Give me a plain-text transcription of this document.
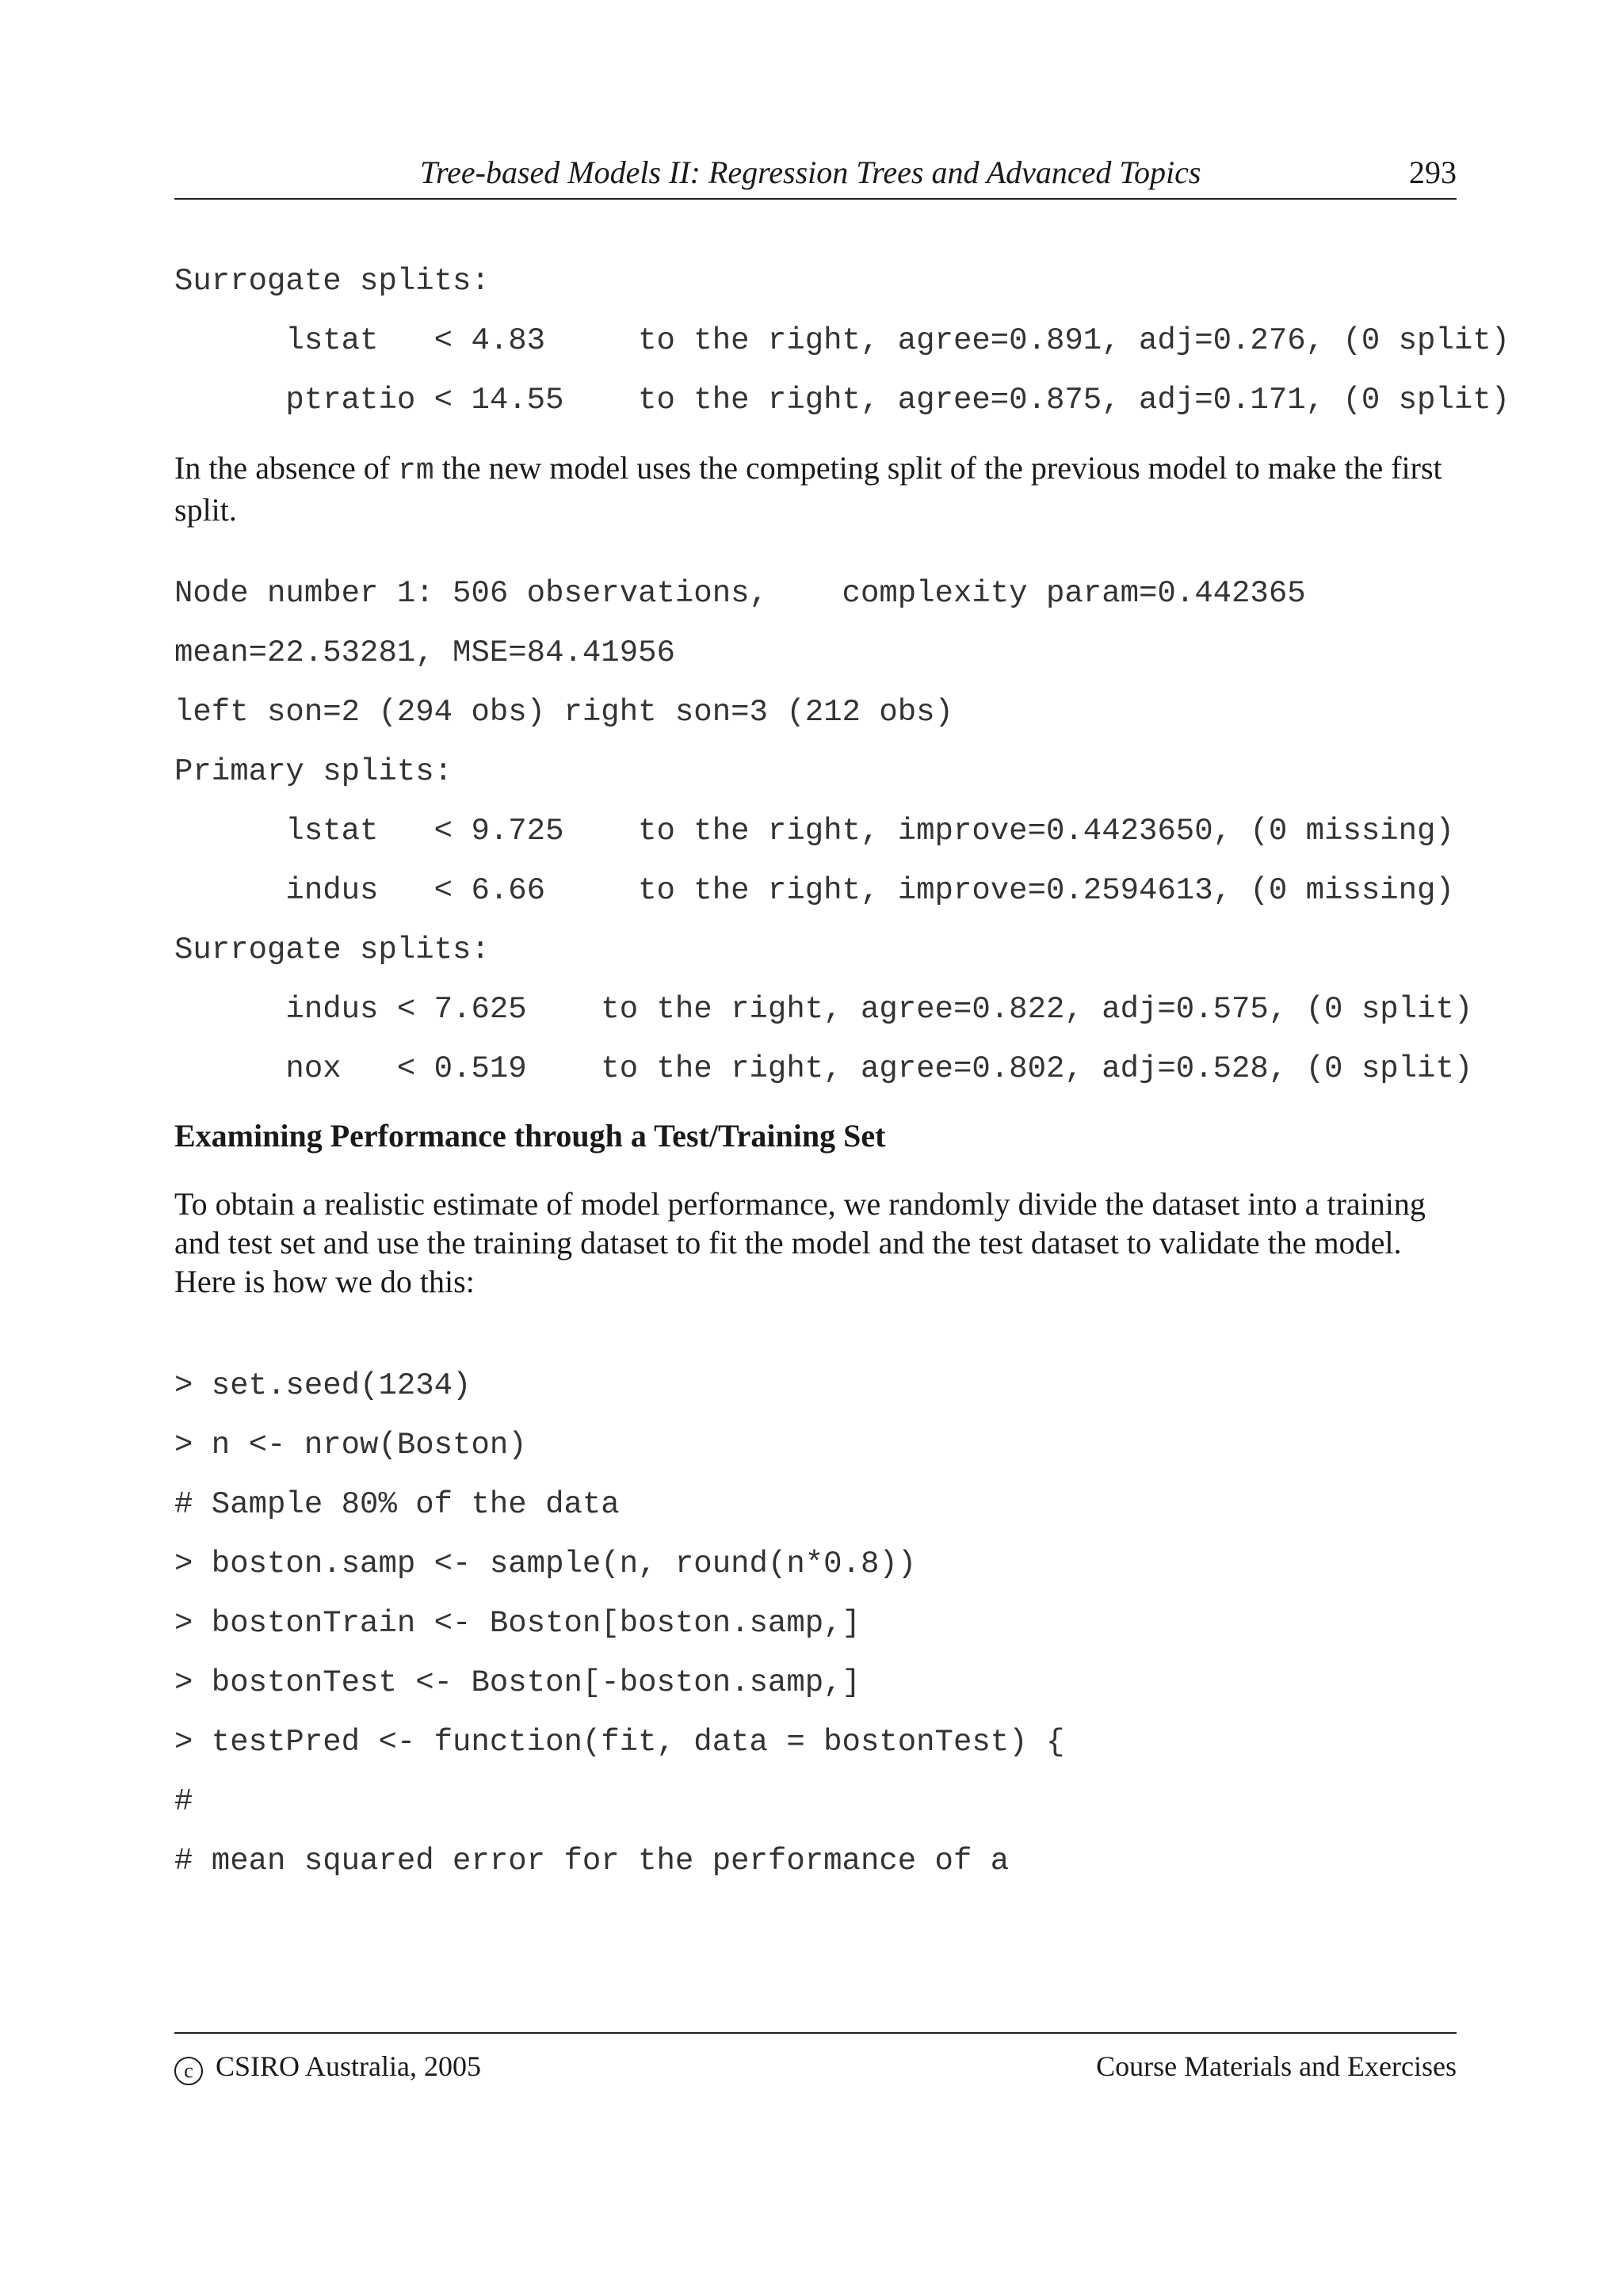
Tree-based Models II: Regression Trees and Advanced Topics	293
Surrogate splits:
lstat   < 4.83     to the right, agree=0.891, adj=0.276, (0 split)
ptratio < 14.55    to the right, agree=0.875, adj=0.171, (0 split)

In the absence of rm the new model uses the competing split of the previous model to make the first split.

Node number 1: 506 observations,    complexity param=0.442365
mean=22.53281, MSE=84.41956
left son=2 (294 obs) right son=3 (212 obs)
Primary splits:
lstat   < 9.725    to the right, improve=0.4423650, (0 missing)
indus   < 6.66     to the right, improve=0.2594613, (0 missing)
Surrogate splits:
indus < 7.625    to the right, agree=0.822, adj=0.575, (0 split)
nox   < 0.519    to the right, agree=0.802, adj=0.528, (0 split)
Examining Performance through a Test/Training Set

To obtain a realistic estimate of model performance, we randomly divide the dataset into a training and test set and use the training dataset to fit the model and the test dataset to validate the model. Here is how we do this:

> set.seed(1234)
> n <- nrow(Boston)
# Sample 80% of the data
> boston.samp <- sample(n, round(n*0.8))
> bostonTrain <- Boston[boston.samp,]
> bostonTest <- Boston[-boston.samp,]
> testPred <- function(fit, data = bostonTest) {
#
# mean squared error for the performance of a
c CSIRO Australia, 2005	Course Materials and Exercises
